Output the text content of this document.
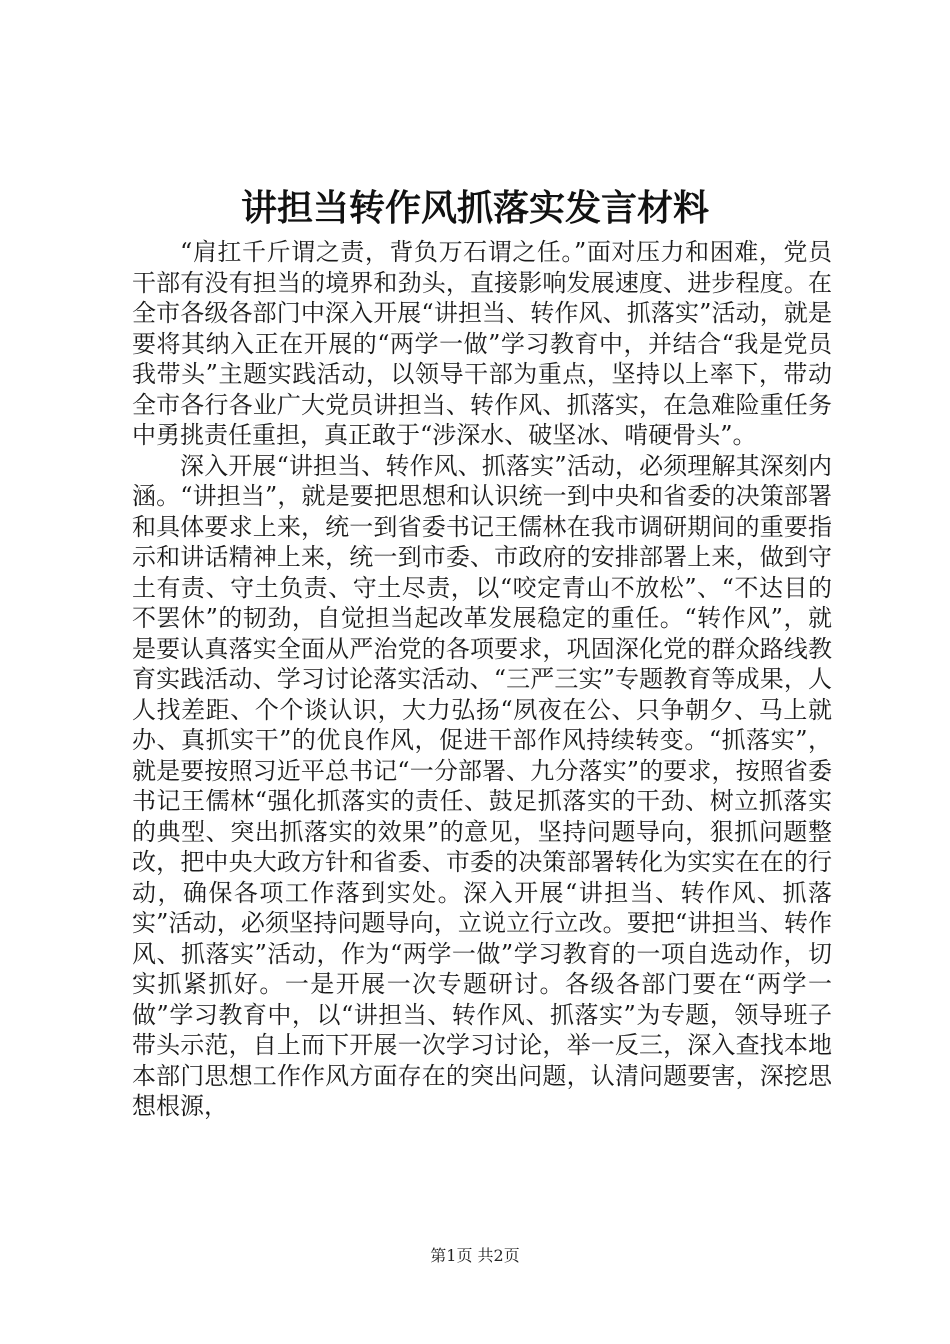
讲担当转作风抓落实发言材料

“肩扛千斤谓之责，背负万石谓之任。”面对压力和困难，党员干部有没有担当的境界和劲头，直接影响发展速度、进步程度。在全市各级各部门中深入开展“讲担当、转作风、抓落实”活动，就是要将其纳入正在开展的“两学一做”学习教育中，并结合“我是党员我带头”主题实践活动，以领导干部为重点，坚持以上率下，带动全市各行各业广大党员讲担当、转作风、抓落实，在急难险重任务中勇挑责任重担，真正敢于“涉深水、破坚冰、啃硬骨头”。

深入开展“讲担当、转作风、抓落实”活动，必须理解其深刻内涵。“讲担当”，就是要把思想和认识统一到中央和省委的决策部署和具体要求上来，统一到省委书记王儒林在我市调研期间的重要指示和讲话精神上来，统一到市委、市政府的安排部署上来，做到守土有责、守土负责、守土尽责，以“咬定青山不放松”、“不达目的不罢休”的韧劲，自觉担当起改革发展稳定的重任。“转作风”，就是要认真落实全面从严治党的各项要求，巩固深化党的群众路线教育实践活动、学习讨论落实活动、“三严三实”专题教育等成果，人人找差距、个个谈认识，大力弘扬“夙夜在公、只争朝夕、马上就办、真抓实干”的优良作风，促进干部作风持续转变。“抓落实”，就是要按照习近平总书记“一分部署、九分落实”的要求，按照省委书记王儒林“强化抓落实的责任、鼓足抓落实的干劲、树立抓落实的典型、突出抓落实的效果”的意见，坚持问题导向，狠抓问题整改，把中央大政方针和省委、市委的决策部署转化为实实在在的行动，确保各项工作落到实处。深入开展“讲担当、转作风、抓落实”活动，必须坚持问题导向，立说立行立改。要把“讲担当、转作风、抓落实”活动，作为“两学一做”学习教育的一项自选动作，切实抓紧抓好。一是开展一次专题研讨。各级各部门要在“两学一做”学习教育中，以“讲担当、转作风、抓落实”为专题，领导班子带头示范，自上而下开展一次学习讨论，举一反三，深入查找本地本部门思想工作作风方面存在的突出问题，认清问题要害，深挖思想根源，

第1页 共2页
